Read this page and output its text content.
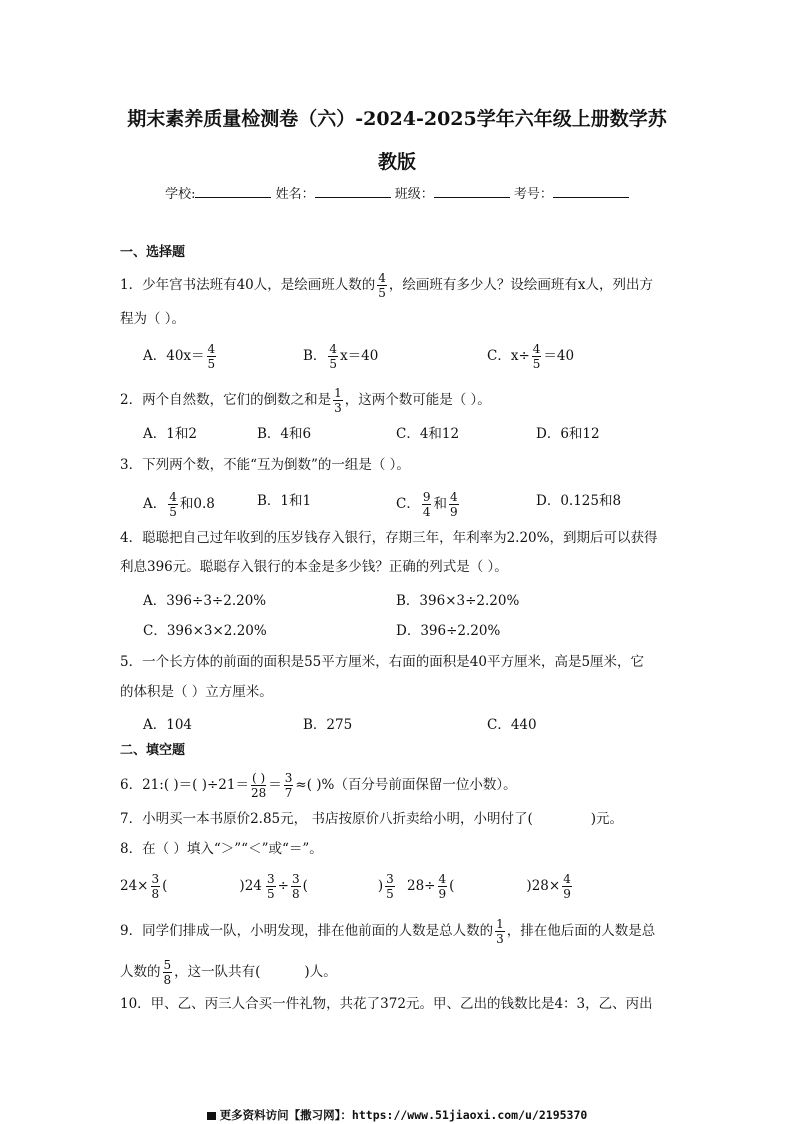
期末素养质量检测卷（六）-2024-2025学年六年级上册数学苏
教版
学校:	姓名：	班级：	考号：
一、选择题
1．少年宫书法班有40人，是绘画班人数的 $\frac{4}{5}$ ，绘画班有多少人？设绘画班有x人，列出方
程为（ ）。
A．$40x= \frac{4}{5}$	B． $\frac{4}{5} x=40$	C．$x\div \frac{4}{5} =40$
2．两个自然数，它们的倒数之和是 $\frac{1}{3}$ ，这两个数可能是（ ）。
A．1和2	B．4和6	C．4和12	D．6和12
3．下列两个数，不能“互为倒数”的一组是（ ）。
A． $\frac{4}{5}$ 和0.8	B．1和1	C． $\frac{9}{4}$ 和 $\frac{4}{9}$	D．0.125和8
4．聪聪把自己过年收到的压岁钱存入银行，存期三年，年利率为2.20%，到期后可以获得
利息396元。聪聪存入银行的本金是多少钱？正确的列式是（ ）。
A．396÷3÷2.20%	B．396×3÷2.20%
C．396×3×2.20%	D．396÷2.20%
5．一个长方体的前面的面积是55平方厘米，右面的面积是40平方厘米，高是5厘米，它
的体积是（ ）立方厘米。
A．104	B．275	C．440
二、填空题
6．21:( )＝( )$\div 21= \frac{( )}{28} = \frac{3}{7}$ ≈( )%（百分号前面保留一位小数）。
7．小明买一本书原价2.85元， 书店按原价八折卖给小明，小明付了(	)元。
8．在（ ）填入“＞”“＜”或“＝”。
$24\times \frac{3}{8}$ (	)$24 \frac{3}{5} \div \frac{3}{8}$ (	) $\frac{3}{5} 28\div \frac{4}{9}$ (	)$28\times \frac{4}{9}$
9．同学们排成一队，小明发现，排在他前面的人数是总人数的 $\frac{1}{3}$ ，排在他后面的人数是总
人数的 $\frac{5}{8}$ ，这一队共有(	)人。
10．甲、乙、丙三人合买一件礼物，共花了372元。甲、乙出的钱数比是4：3，乙、丙出
更多资料访问【撒习网】：https://www.51jiaoxi.com/u/2195370
